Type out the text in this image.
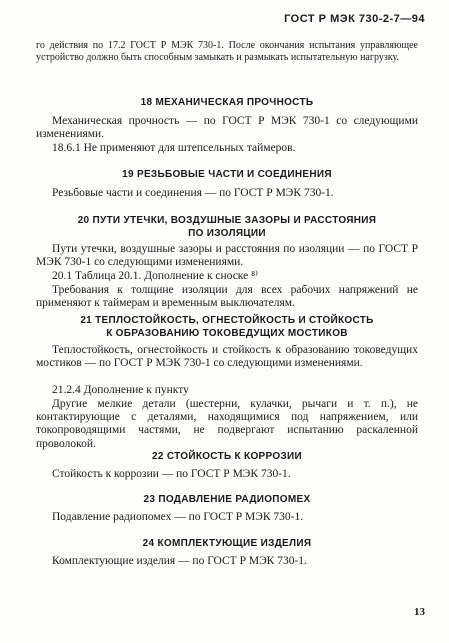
ГОСТ Р МЭК 730-2-7—94
го действия по 17.2 ГОСТ Р МЭК 730-1. После окончания испытания управляющее устройство должно быть способным замыкать и размыкать испытательную нагрузку.
18 МЕХАНИЧЕСКАЯ ПРОЧНОСТЬ
Механическая прочность — по ГОСТ Р МЭК 730-1 со следующими изменениями.
18.6.1 Не применяют для штепсельных таймеров.
19 РЕЗЬБОВЫЕ ЧАСТИ И СОЕДИНЕНИЯ
Резьбовые части и соединения — по ГОСТ Р МЭК 730-1.
20 ПУТИ УТЕЧКИ, ВОЗДУШНЫЕ ЗАЗОРЫ И РАССТОЯНИЯ
ПО ИЗОЛЯЦИИ
Пути утечки, воздушные зазоры и расстояния по изоляции — по ГОСТ Р МЭК 730-1 со следующими изменениями.
20.1 Таблица 20.1. Дополнение к сноске ⁸⁾
Требования к толщине изоляции для всех рабочих напряжений не применяют к таймерам и временным выключателям.
21 ТЕПЛОСТОЙКОСТЬ, ОГНЕСТОЙКОСТЬ И СТОЙКОСТЬ
К ОБРАЗОВАНИЮ ТОКОВЕДУЩИХ МОСТИКОВ
Теплостойкость, огнестойкость и стойкость к образованию токоведущих мостиков — по ГОСТ Р МЭК 730-1 со следующими изменениями.
21.2.4 Дополнение к пункту
Другие мелкие детали (шестерни, кулачки, рычаги и т. п.), не контактирующие с деталями, находящимися под напряжением, или токопроводящими частями, не подвергают испытанию раскаленной проволокой.
22 СТОЙКОСТЬ К КОРРОЗИИ
Стойкость к коррозии — по ГОСТ Р МЭК 730-1.
23 ПОДАВЛЕНИЕ РАДИОПОМЕХ
Подавление радиопомех — по ГОСТ Р МЭК 730-1.
24 КОМПЛЕКТУЮЩИЕ ИЗДЕЛИЯ
Комплектующие изделия — по ГОСТ Р МЭК 730-1.
13
